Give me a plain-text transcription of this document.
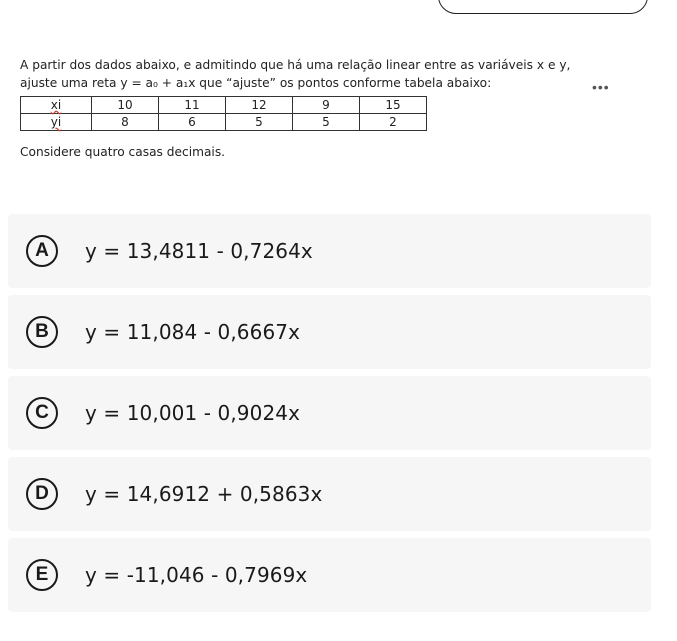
A partir dos dados abaixo, e admitindo que há uma relação linear entre as variáveis x e y,
ajuste uma reta y = a₀ + a₁x que “ajuste” os pontos conforme tabela abaixo:	•••
xi	10	11	12	9	15
yi	8	6	5	5	2
Considere quatro casas decimais.
A	y = 13,4811 - 0,7264x
B	y = 11,084 - 0,6667x
C	y = 10,001 - 0,9024x
D	y = 14,6912 + 0,5863x
E	y = -11,046 - 0,7969x
